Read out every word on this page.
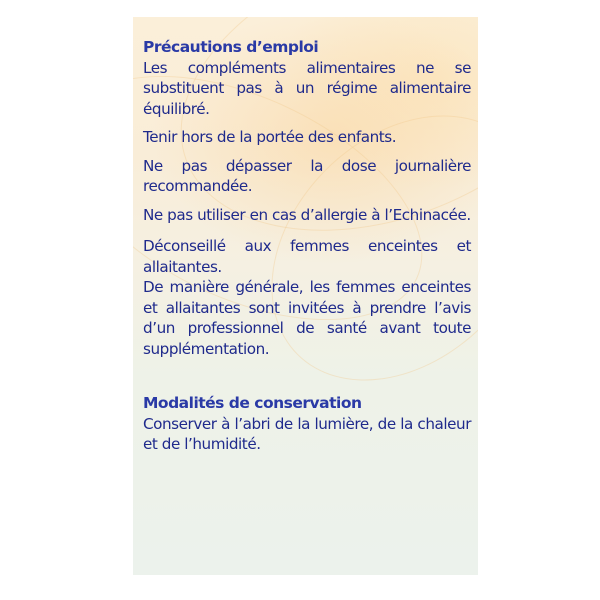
Précautions d’emploi

Les compléments alimentaires ne se substituent pas à un régime alimentaire équilibré.

Tenir hors de la portée des enfants.

Ne pas dépasser la dose journalière recommandée.

Ne pas utiliser en cas d’allergie à l’Echinacée.

Déconseillé aux femmes enceintes et allaitantes.

De manière générale, les femmes enceintes et allaitantes sont invitées à prendre l’avis d’un professionnel de santé avant toute supplémentation.

Modalités de conservation

Conserver à l’abri de la lumière, de la chaleur et de l’humidité.
